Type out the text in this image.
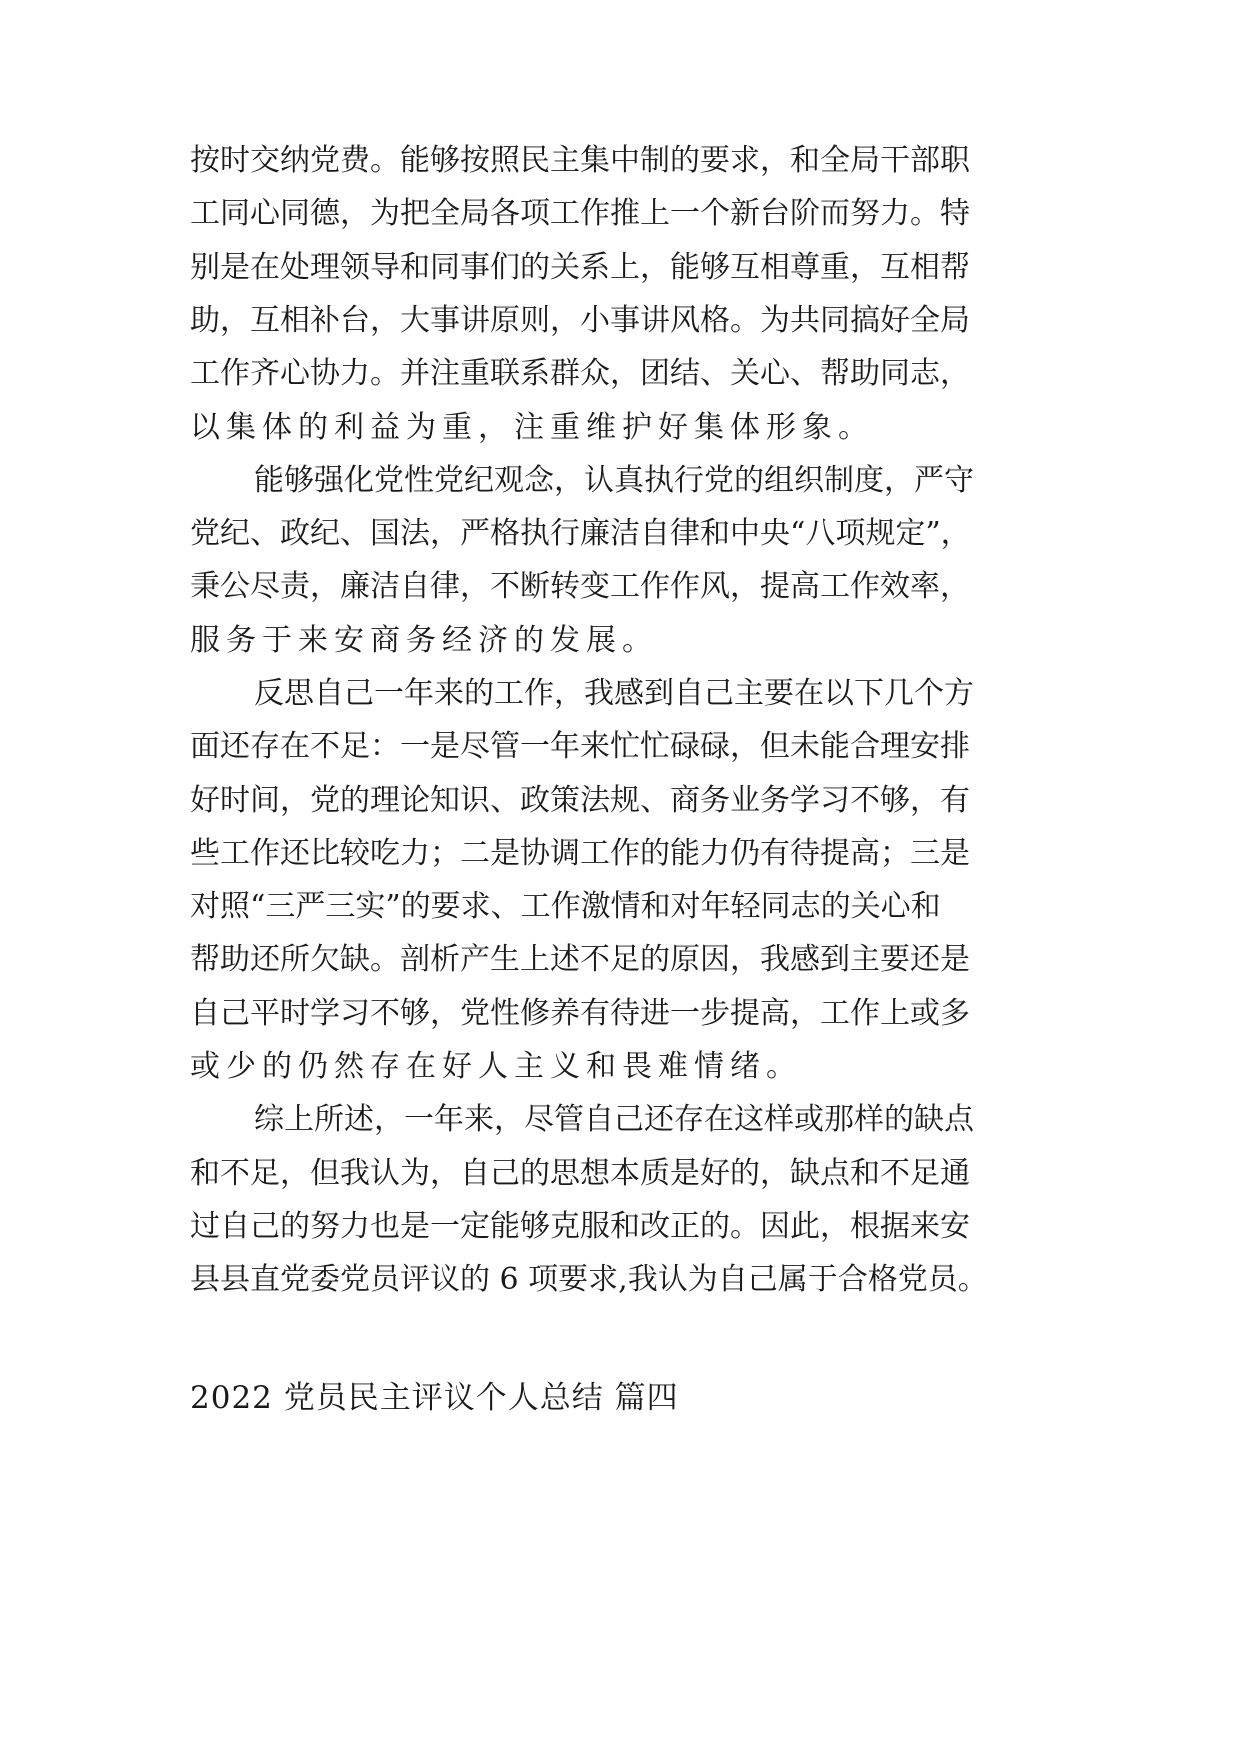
按时交纳党费。能够按照民主集中制的要求，和全局干部职
工同心同德，为把全局各项工作推上一个新台阶而努力。特
别是在处理领导和同事们的关系上，能够互相尊重，互相帮
助，互相补台，大事讲原则，小事讲风格。为共同搞好全局
工作齐心协力。并注重联系群众，团结、关心、帮助同志，
以集体的利益为重，注重维护好集体形象。
能够强化党性党纪观念，认真执行党的组织制度，严守
党纪、政纪、国法，严格执行廉洁自律和中央“八项规定”，
秉公尽责，廉洁自律，不断转变工作作风，提高工作效率，
服务于来安商务经济的发展。
反思自己一年来的工作，我感到自己主要在以下几个方
面还存在不足：一是尽管一年来忙忙碌碌，但未能合理安排
好时间，党的理论知识、政策法规、商务业务学习不够，有
些工作还比较吃力；二是协调工作的能力仍有待提高；三是
对照“三严三实”的要求、工作激情和对年轻同志的关心和
帮助还所欠缺。剖析产生上述不足的原因，我感到主要还是
自己平时学习不够，党性修养有待进一步提高，工作上或多
或少的仍然存在好人主义和畏难情绪。
综上所述，一年来，尽管自己还存在这样或那样的缺点
和不足，但我认为，自己的思想本质是好的，缺点和不足通
过自己的努力也是一定能够克服和改正的。因此，根据来安
县县直党委党员评议的 6 项要求,我认为自己属于合格党员。
2022 党员民主评议个人总结 篇四
